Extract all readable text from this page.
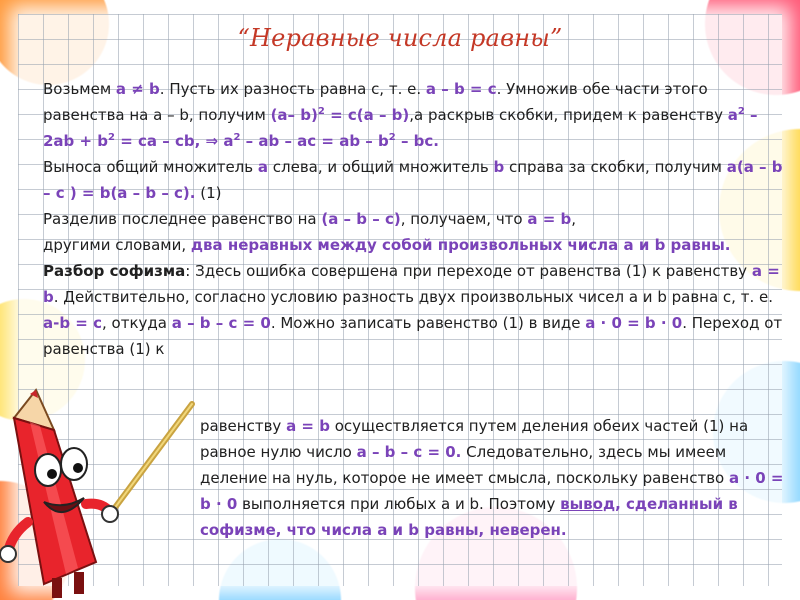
“Неравные числа равны”
Возьмем a ≠ b. Пусть их разность равна с, т. е. а – b = с. Умножив обе части этого равенства на а – b, получим (а– b)$^2$ = с(а – b),а раскрыв скобки, придем к равенству $а^2 - 2аb + b^2$ = са – сb, ⇒ $а^2$ – аb – ас = аb – $b^2$ – bс.
Выноса общий множитель а слева, и общий множитель b справа за скобки, получим а(а – b – с ) = b(а – b – с). (1)
Разделив последнее равенство на (а – b – с), получаем, что а = b,
другими словами, два неравных между собой произвольных числа а и b равны.
Разбор софизма: Здесь ошибка совершена при переходе от равенства (1) к равенству а = b. Действительно, согласно условию разность двух произвольных чисел а и b равна с, т. е. а-b = с, откуда а – b – с = 0. Можно записать равенство (1) в виде а · 0 = b · 0. Переход от равенства (1) к
равенству а = b осуществляется путем деления обеих частей (1) на равное нулю число а – b – с = 0. Следовательно, здесь мы имеем деление на нуль, которое не имеет смысла, поскольку равенство а · 0 = b · 0 выполняется при любых а и b. Поэтому вывод, сделанный в софизме, что числа а и b равны, неверен.
